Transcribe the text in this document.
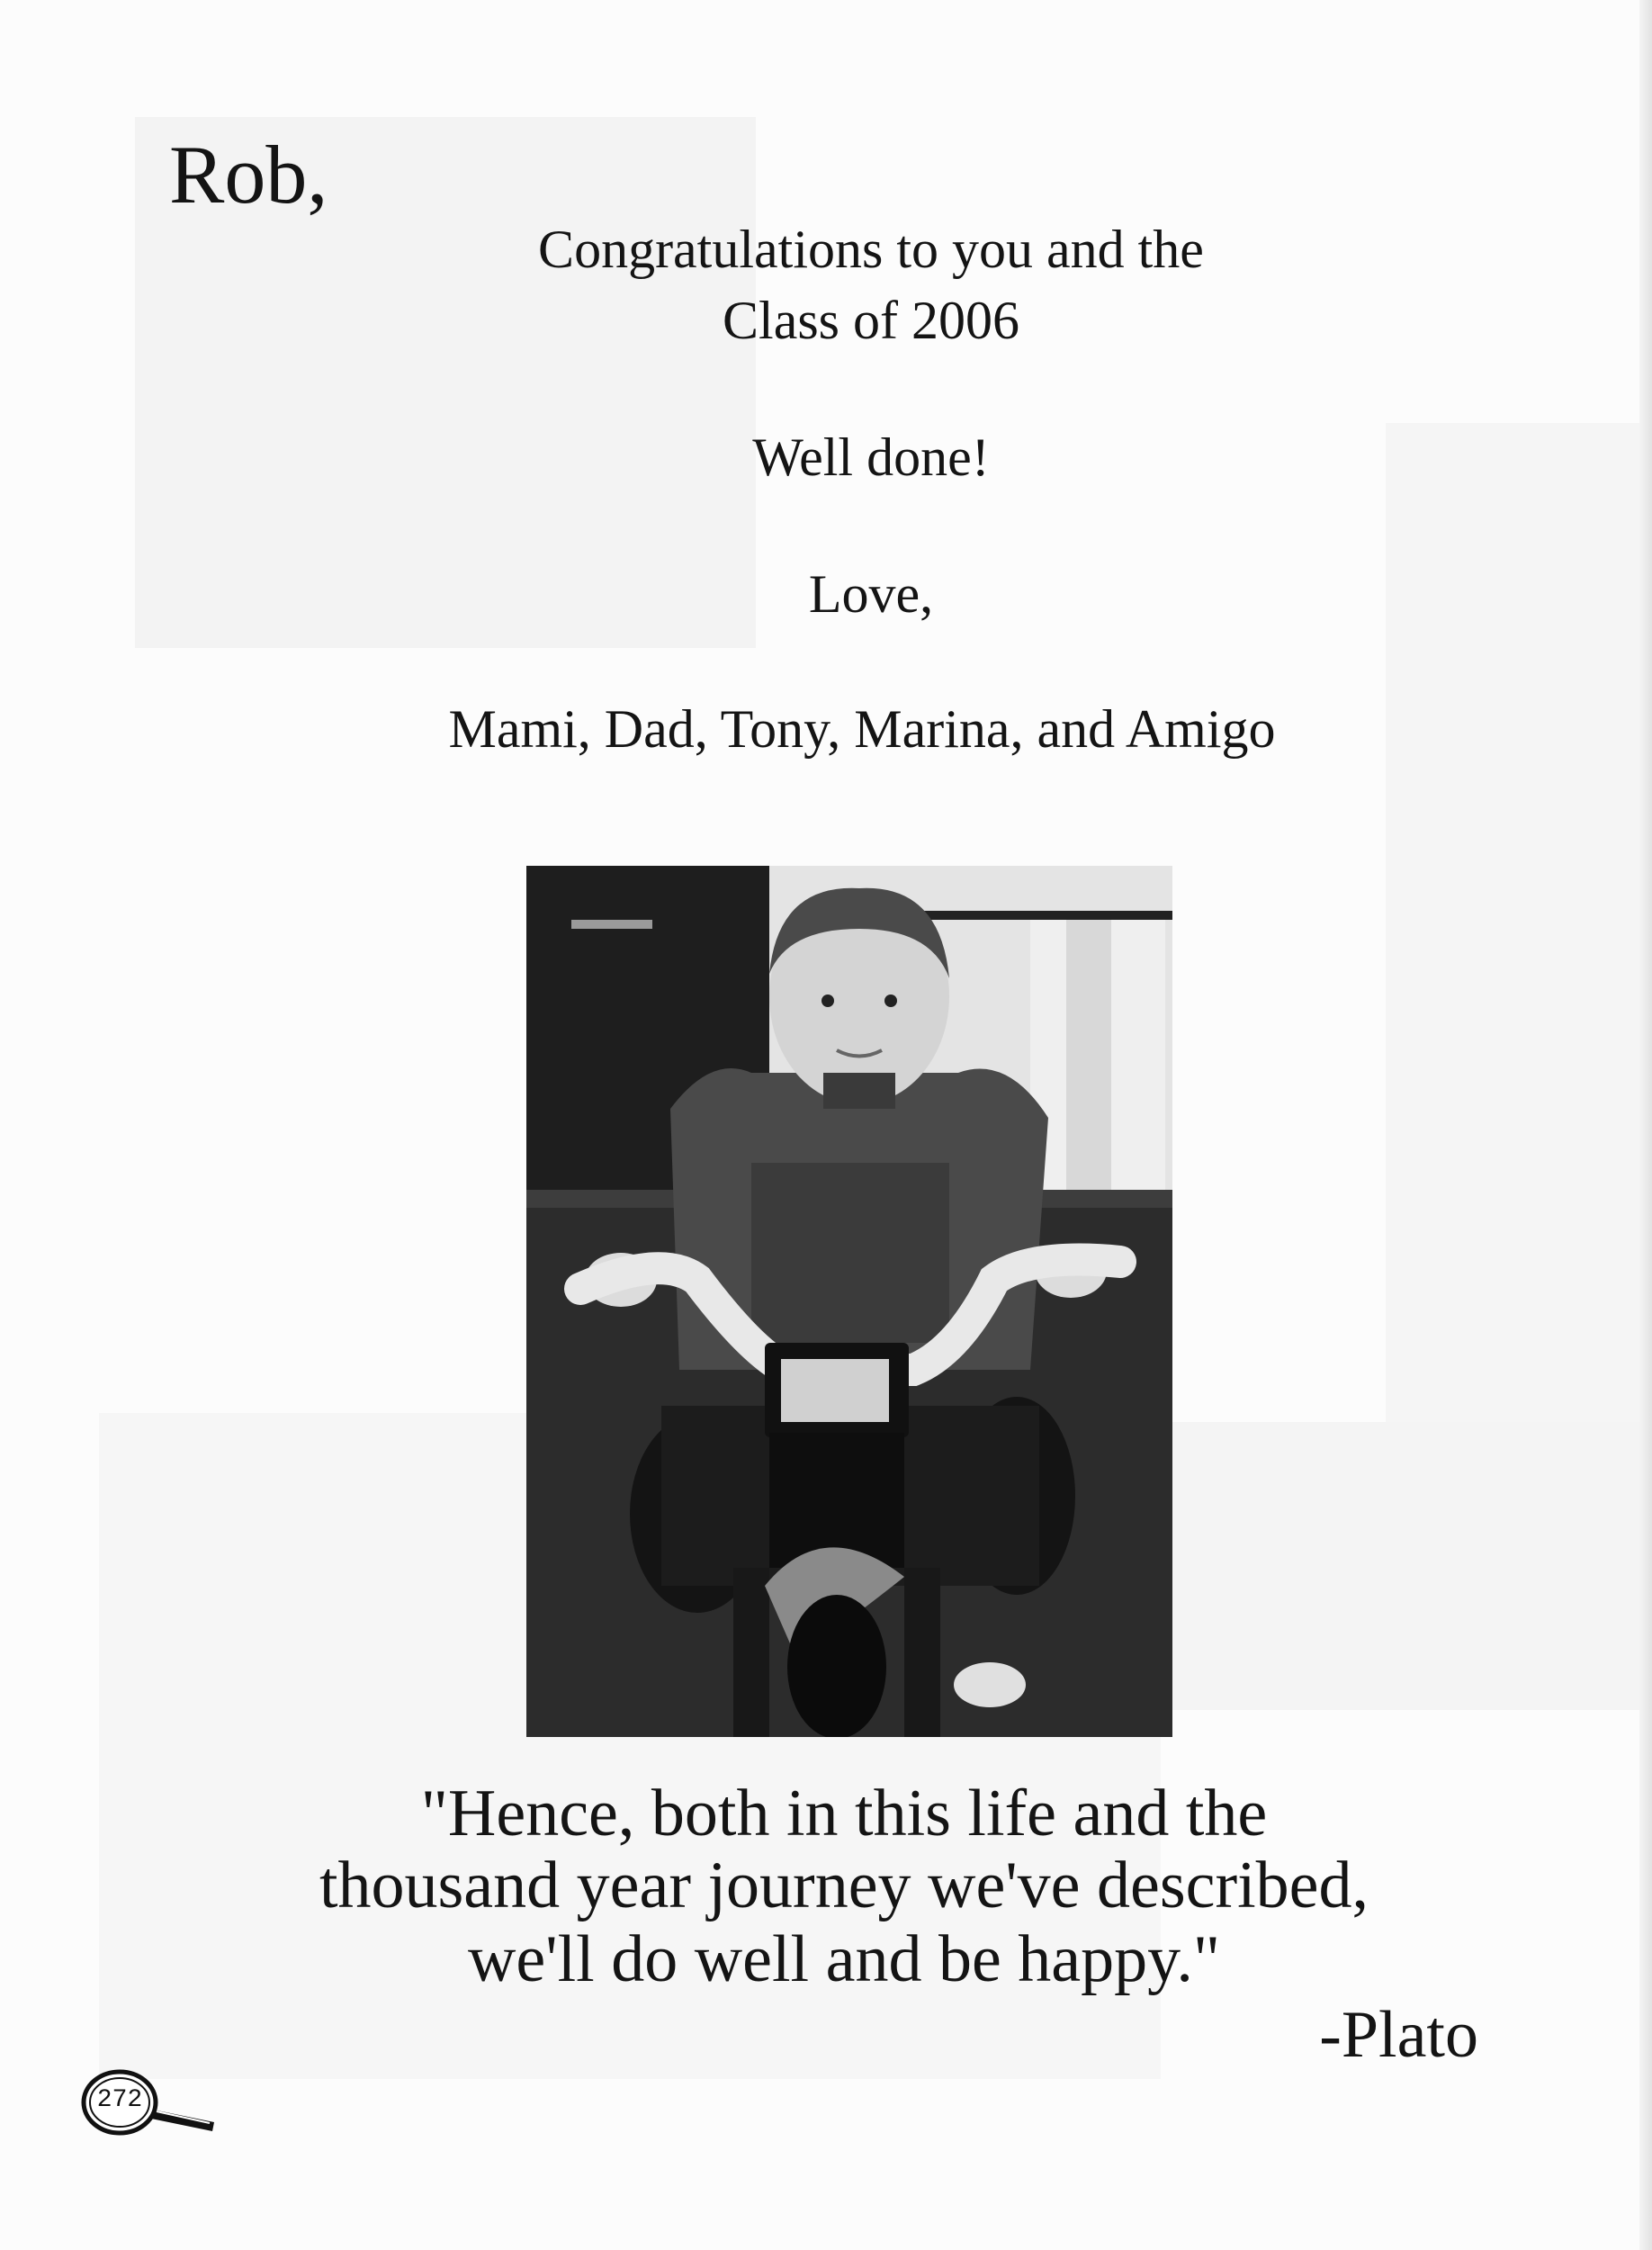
Rob,
Congratulations to you and the
Class of 2006
Well done!
Love,
Mami, Dad, Tony, Marina, and Amigo
"Hence, both in this life and the
thousand year journey we've described,
we'll do well and be happy."
-Plato
272
